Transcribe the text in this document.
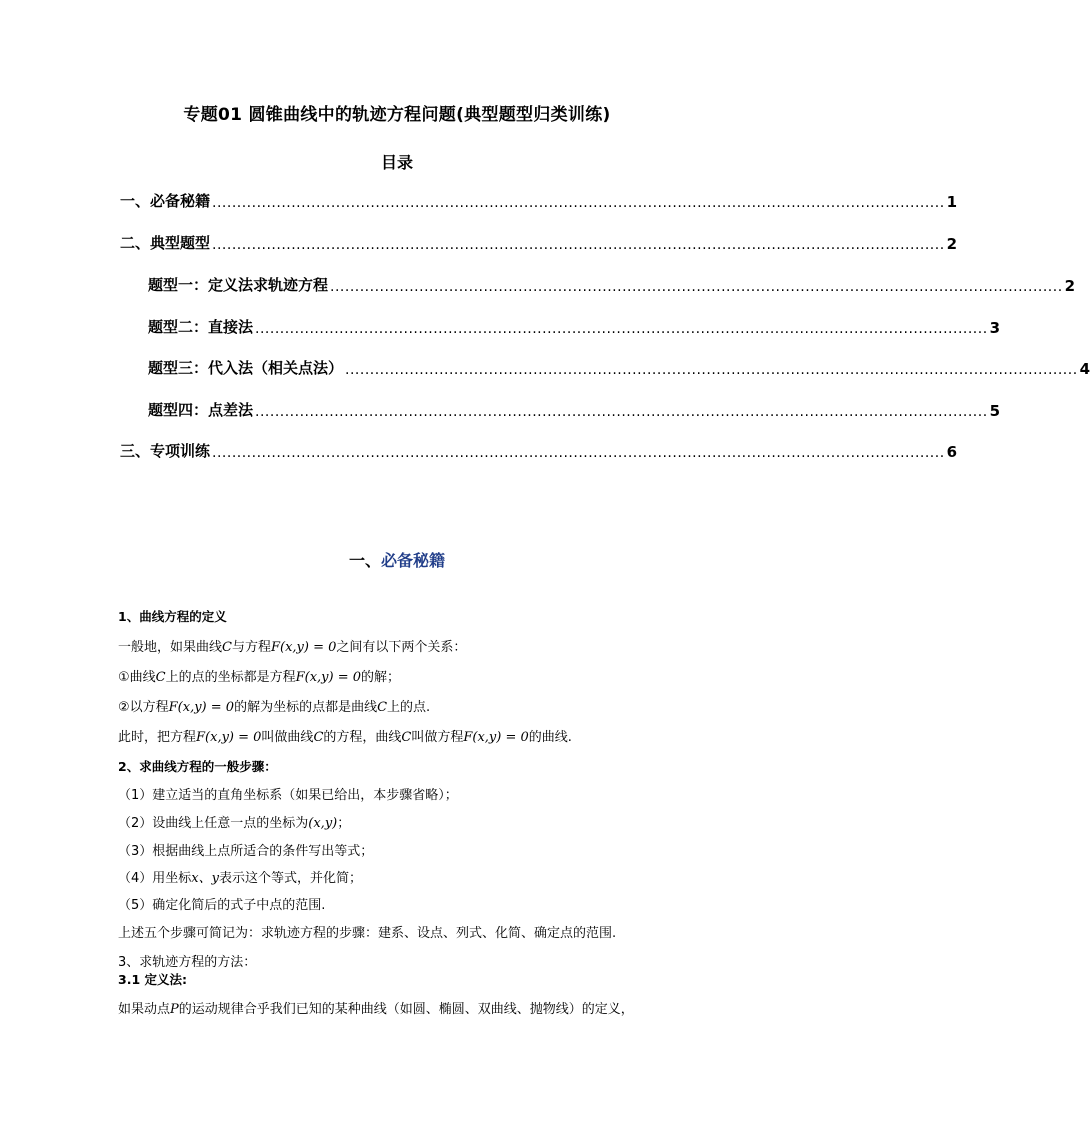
专题01 圆锥曲线中的轨迹方程问题(典型题型归类训练)
目录
一、必备秘籍 .................................................................................................................................................... 1
二、典型题型 .................................................................................................................................................... 2
题型一：定义法求轨迹方程 .................................................................................................................................................... 2
题型二：直接法 .................................................................................................................................................... 3
题型三：代入法（相关点法） .................................................................................................................................................... 4
题型四：点差法 .................................................................................................................................................... 5
三、专项训练 .................................................................................................................................................... 6
一、必备秘籍
1、曲线方程的定义
一般地，如果曲线C与方程F(x,y) = 0之间有以下两个关系：
①曲线C上的点的坐标都是方程F(x,y) = 0的解；
②以方程F(x,y) = 0的解为坐标的点都是曲线C上的点.
此时，把方程F(x,y) = 0叫做曲线C的方程，曲线C叫做方程F(x,y) = 0的曲线.
2、求曲线方程的一般步骤：
（1）建立适当的直角坐标系（如果已给出，本步骤省略）；
（2）设曲线上任意一点的坐标为(x,y)；
（3）根据曲线上点所适合的条件写出等式；
（4）用坐标x、y表示这个等式，并化简；
（5）确定化简后的式子中点的范围.
上述五个步骤可简记为：求轨迹方程的步骤：建系、设点、列式、化简、确定点的范围.
3、求轨迹方程的方法：
3.1 定义法:
如果动点P的运动规律合乎我们已知的某种曲线（如圆、椭圆、双曲线、抛物线）的定义，
